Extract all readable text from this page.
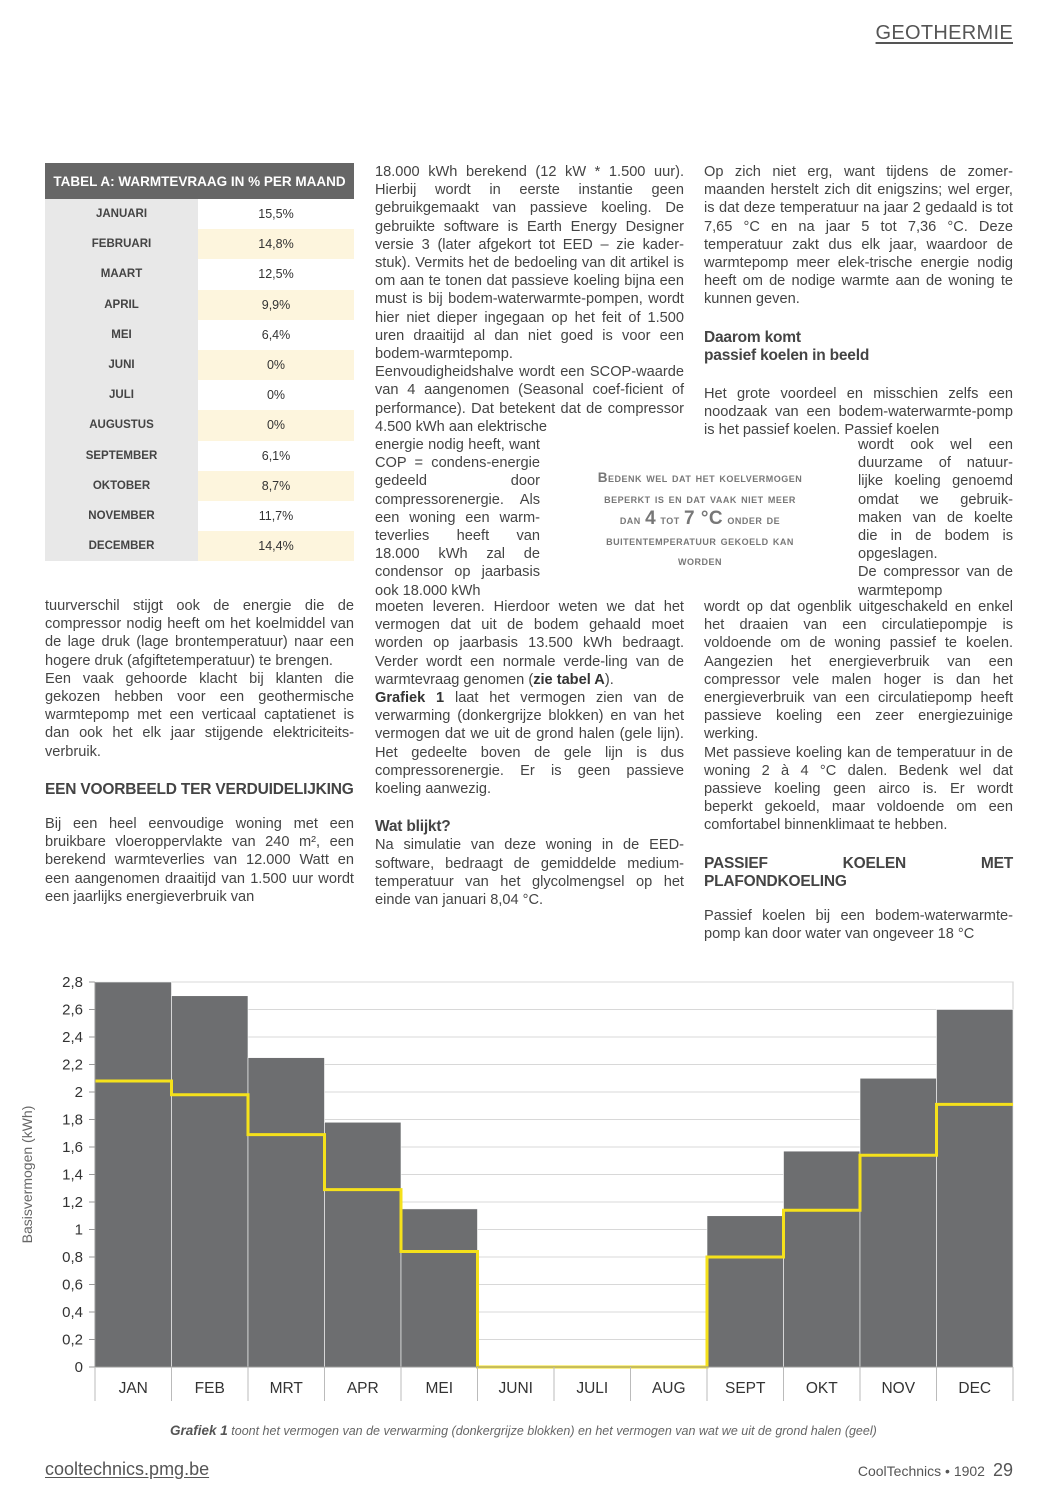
GEOTHERMIE
TABEL A: WARMTEVRAAG IN % PER MAAND	
JANUARI	15,5%
FEBRUARI	14,8%
MAART	12,5%
APRIL	9,9%
MEI	6,4%
JUNI	0%
JULI	0%
AUGUSTUS	0%
SEPTEMBER	6,1%
OKTOBER	8,7%
NOVEMBER	11,7%
DECEMBER	14,4%

tuurverschil stijgt ook de energie die de compressor nodig heeft om het koelmiddel van de lage druk (lage brontemperatuur) naar een hogere druk (afgiftetemperatuur) te brengen.

Een vaak gehoorde klacht bij klanten die gekozen hebben voor een geothermische warmtepomp met een verticaal captatienet is dan ook het elk jaar stijgende elektriciteits-verbruik.

EEN VOORBEELD TER VERDUIDELIJKING

Bij een heel eenvoudige woning met een bruikbare vloeroppervlakte van 240 m², een berekend warmteverlies van 12.000 Watt en een aangenomen draaitijd van 1.500 uur wordt een jaarlijks energieverbruik van

18.000 kWh berekend (12 kW * 1.500 uur). Hierbij wordt in eerste instantie geen gebruikgemaakt van passieve koeling. De gebruikte software is Earth Energy Designer versie 3 (later afgekort tot EED – zie kader-stuk). Vermits het de bedoeling van dit artikel is om aan te tonen dat passieve koeling bijna een must is bij bodem-waterwarmte-pompen, wordt hier niet dieper ingegaan op het feit of 1.500 uren draaitijd al dan niet goed is voor een bodem-warmtepomp.

Eenvoudigheidshalve wordt een SCOP-waarde van 4 aangenomen (Seasonal coef-ficient of performance). Dat betekent dat de compressor 4.500 kWh aan elektrische

energie nodig heeft, want COP = condens-energie gedeeld door compressorenergie. Als een woning een warm-teverlies heeft van 18.000 kWh zal de condensor op jaarbasis ook 18.000 kWh

moeten leveren. Hierdoor weten we dat het vermogen dat uit de bodem gehaald moet worden op jaarbasis 13.500 kWh bedraagt. Verder wordt een normale verde-ling van de warmtevraag genomen (zie tabel A).

Grafiek 1 laat het vermogen zien van de verwarming (donkergrijze blokken) en van het vermogen dat we uit de grond halen (gele lijn). Het gedeelte boven de gele lijn is dus compressorenergie. Er is geen passieve koeling aanwezig.

Wat blijkt?

Na simulatie van deze woning in de EED-software, bedraagt de gemiddelde medium-temperatuur van het glycolmengsel op het einde van januari 8,04 °C.

Bedenk wel dat het koelvermogen
beperkt is en dat vaak niet meer
dan 4 tot 7 °C onder de
buitentemperatuur gekoeld kan
worden

Op zich niet erg, want tijdens de zomer-maanden herstelt zich dit enigszins; wel erger, is dat deze temperatuur na jaar 2 gedaald is tot 7,65 °C en na jaar 5 tot 7,36 °C. Deze temperatuur zakt dus elk jaar, waardoor de warmtepomp meer elek-trische energie nodig heeft om de nodige warmte aan de woning te kunnen geven.

Daarom komt
passief koelen in beeld

Het grote voordeel en misschien zelfs een noodzaak van een bodem-waterwarmte-pomp is het passief koelen. Passief koelen

wordt ook wel een duurzame of natuur-lijke koeling genoemd omdat we gebruik-maken van de koelte die in de bodem is opgeslagen.

De compressor van de warmtepomp

wordt op dat ogenblik uitgeschakeld en enkel het draaien van een circulatiepompje is voldoende om de woning passief te koelen. Aangezien het energieverbruik van een compressor vele malen hoger is dan het energieverbruik van een circulatiepomp heeft passieve koeling een zeer energiezuinige werking.

Met passieve koeling kan de temperatuur in de woning 2 à 4 °C dalen. Bedenk wel dat passieve koeling geen airco is. Er wordt beperkt gekoeld, maar voldoende om een comfortabel binnenklimaat te hebben.

PASSIEF KOELEN MET PLAFONDKOELING

Passief koelen bij een bodem-waterwarmte-pomp kan door water van ongeveer 18 °C

0
0,2
0,4
0,6
0,8
1
1,2
1,4
1,6
1,8
2
2,2
2,4
2,6
2,8
JAN	FEB	MRT	APR	MEI	JUNI	JULI	AUG	SEPT	OKT	NOV	DEC
Basisvermogen (kWh)
Grafiek 1 toont het vermogen van de verwarming (donkergrijze blokken) en het vermogen van wat we uit de grond halen (geel)
cooltechnics.pmg.be	CoolTechnics • 1902 29
